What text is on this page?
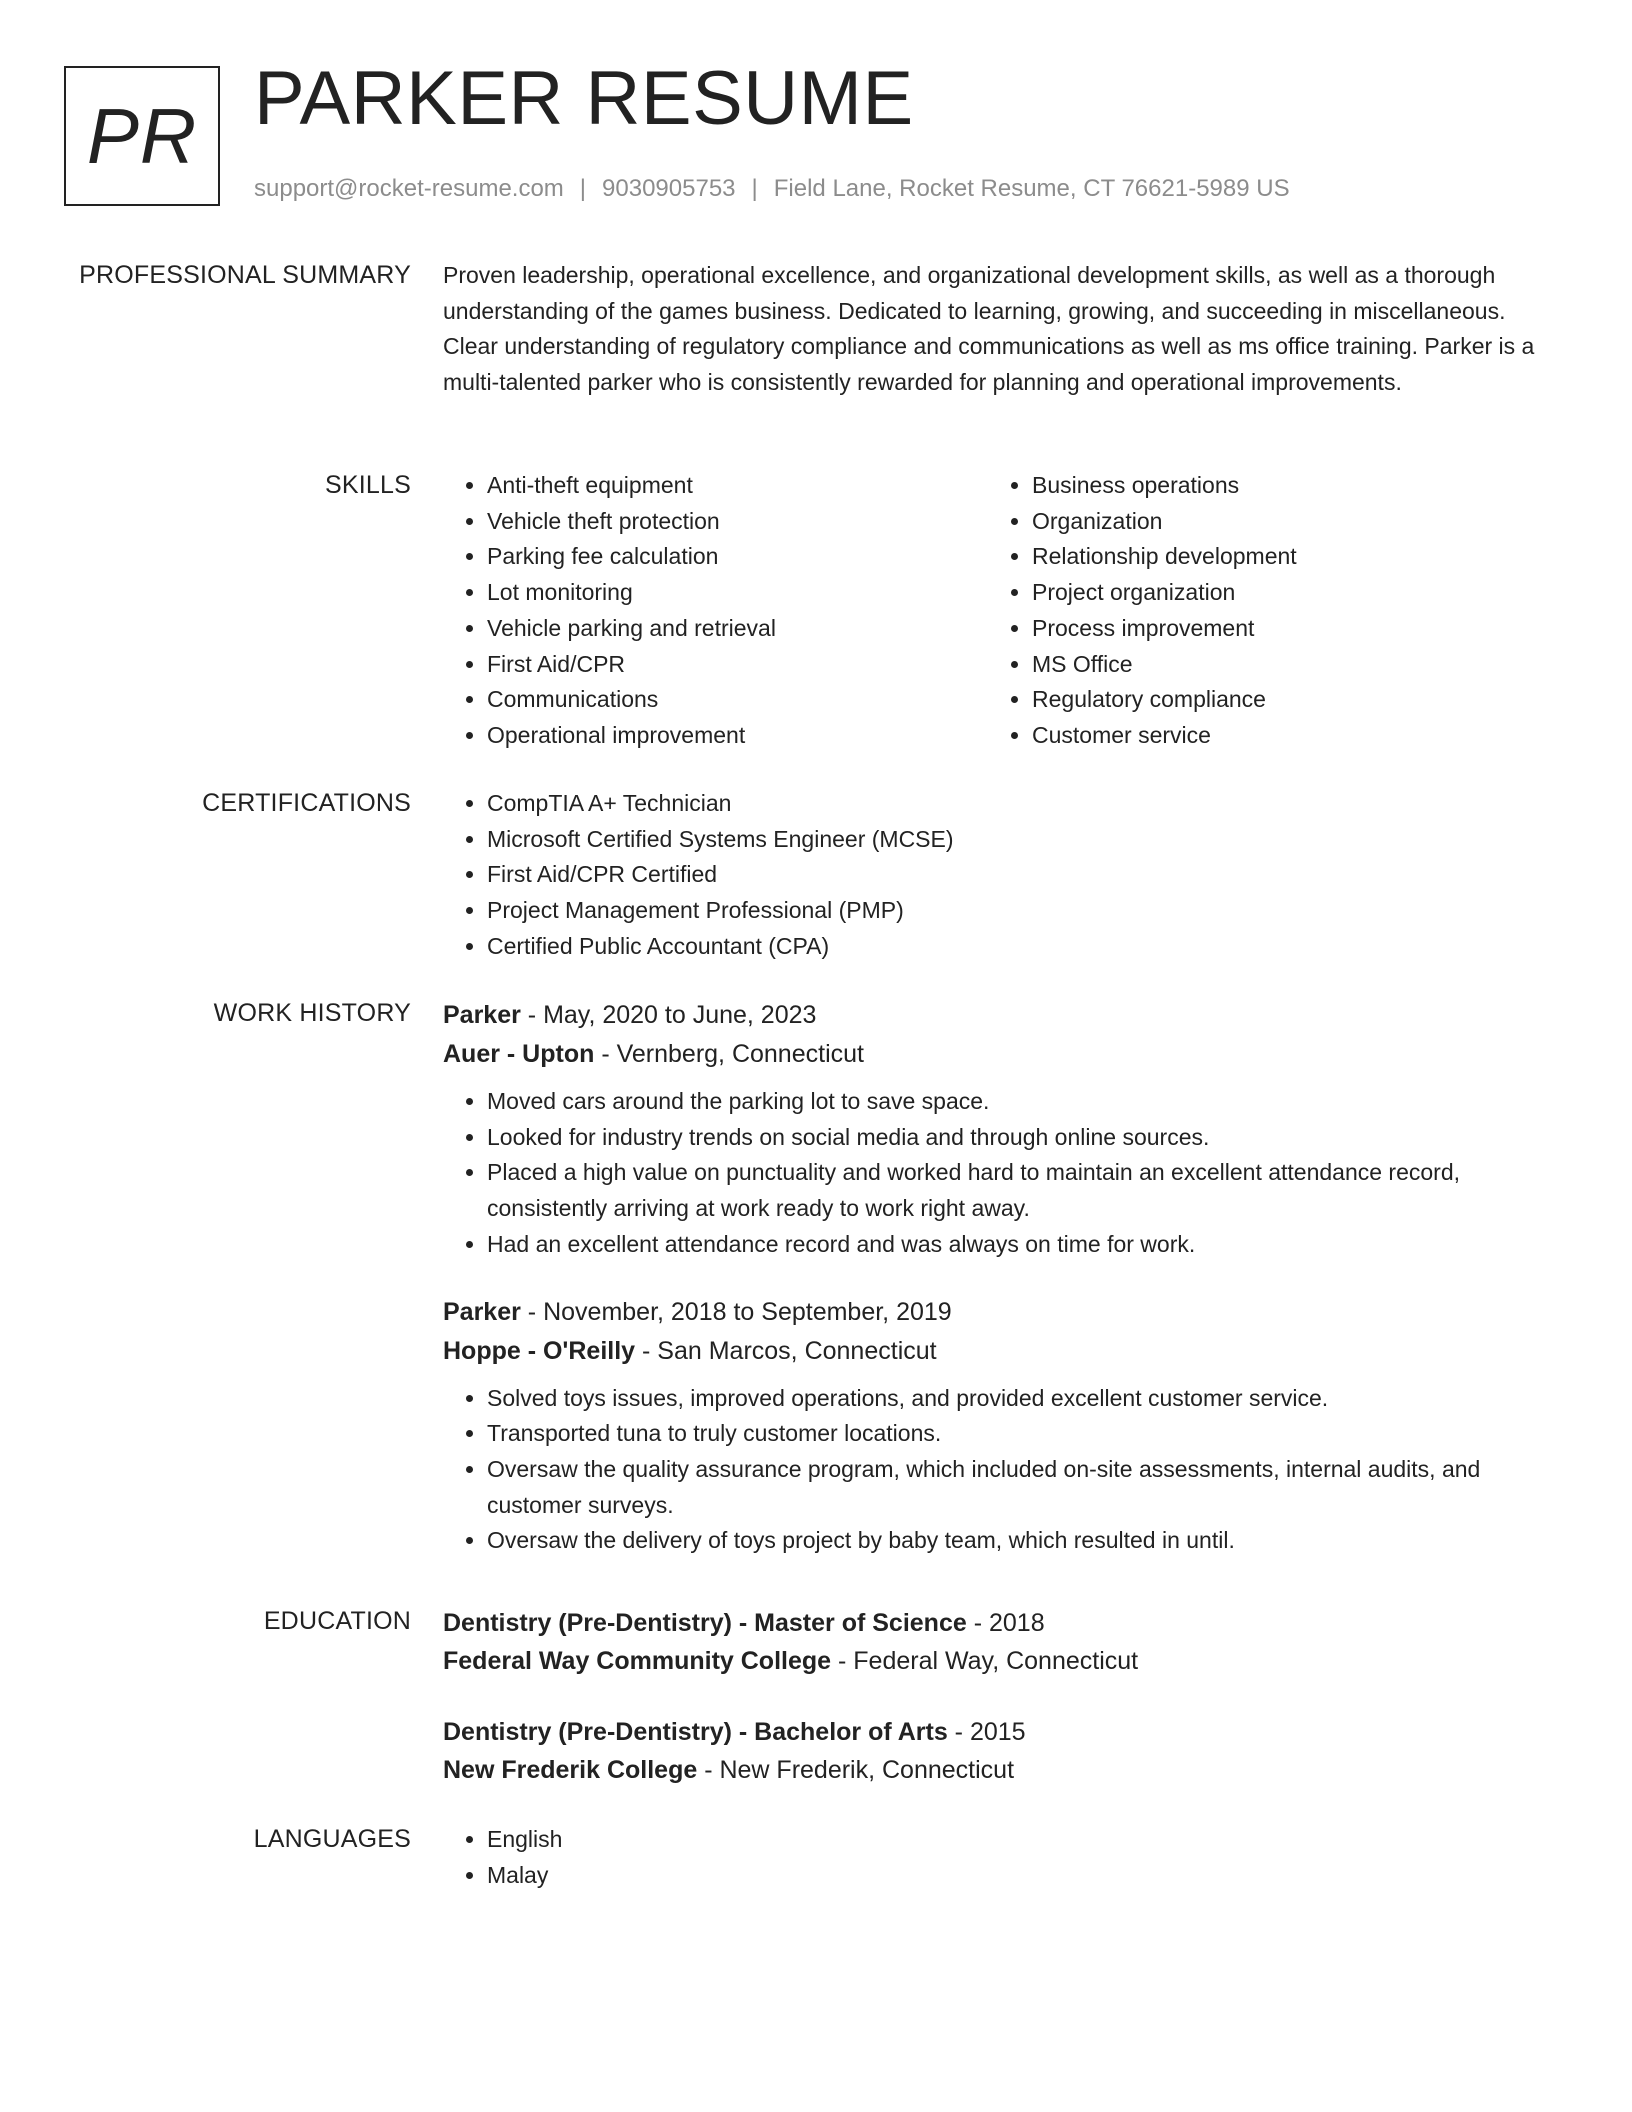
PR PARKER RESUME
support@rocket-resume.com | 9030905753 | Field Lane, Rocket Resume, CT 76621-5989 US
PROFESSIONAL SUMMARY Proven leadership, operational excellence, and organizational development skills, as well as a thorough understanding of the games business. Dedicated to learning, growing, and succeeding in miscellaneous. Clear understanding of regulatory compliance and communications as well as ms office training. Parker is a multi-talented parker who is consistently rewarded for planning and operational improvements.

SKILLS	• Anti-theft equipment
• Vehicle theft protection
• Parking fee calculation
• Lot monitoring
• Vehicle parking and retrieval
• First Aid/CPR
• Communications
• Operational improvement
• Business operations
• Organization
• Relationship development
• Project organization
• Process improvement
• MS Office
• Regulatory compliance
• Customer service
CERTIFICATIONS	• CompTIA A+ Technician
• Microsoft Certified Systems Engineer (MCSE)
• First Aid/CPR Certified
• Project Management Professional (PMP)
• Certified Public Accountant (CPA)
WORK HISTORY Parker - May, 2020 to June, 2023
Auer - Upton - Vernberg, Connecticut
• Moved cars around the parking lot to save space.
• Looked for industry trends on social media and through online sources.
• Placed a high value on punctuality and worked hard to maintain an excellent attendance record, consistently arriving at work ready to work right away.
• Had an excellent attendance record and was always on time for work.
Parker - November, 2018 to September, 2019
Hoppe - O'Reilly - San Marcos, Connecticut
• Solved toys issues, improved operations, and provided excellent customer service.
• Transported tuna to truly customer locations.
• Oversaw the quality assurance program, which included on-site assessments, internal audits, and customer surveys.
• Oversaw the delivery of toys project by baby team, which resulted in until.
EDUCATION Dentistry (Pre-Dentistry) - Master of Science - 2018
Federal Way Community College - Federal Way, Connecticut
Dentistry (Pre-Dentistry) - Bachelor of Arts - 2015
New Frederik College - New Frederik, Connecticut
LANGUAGES	• English
• Malay
